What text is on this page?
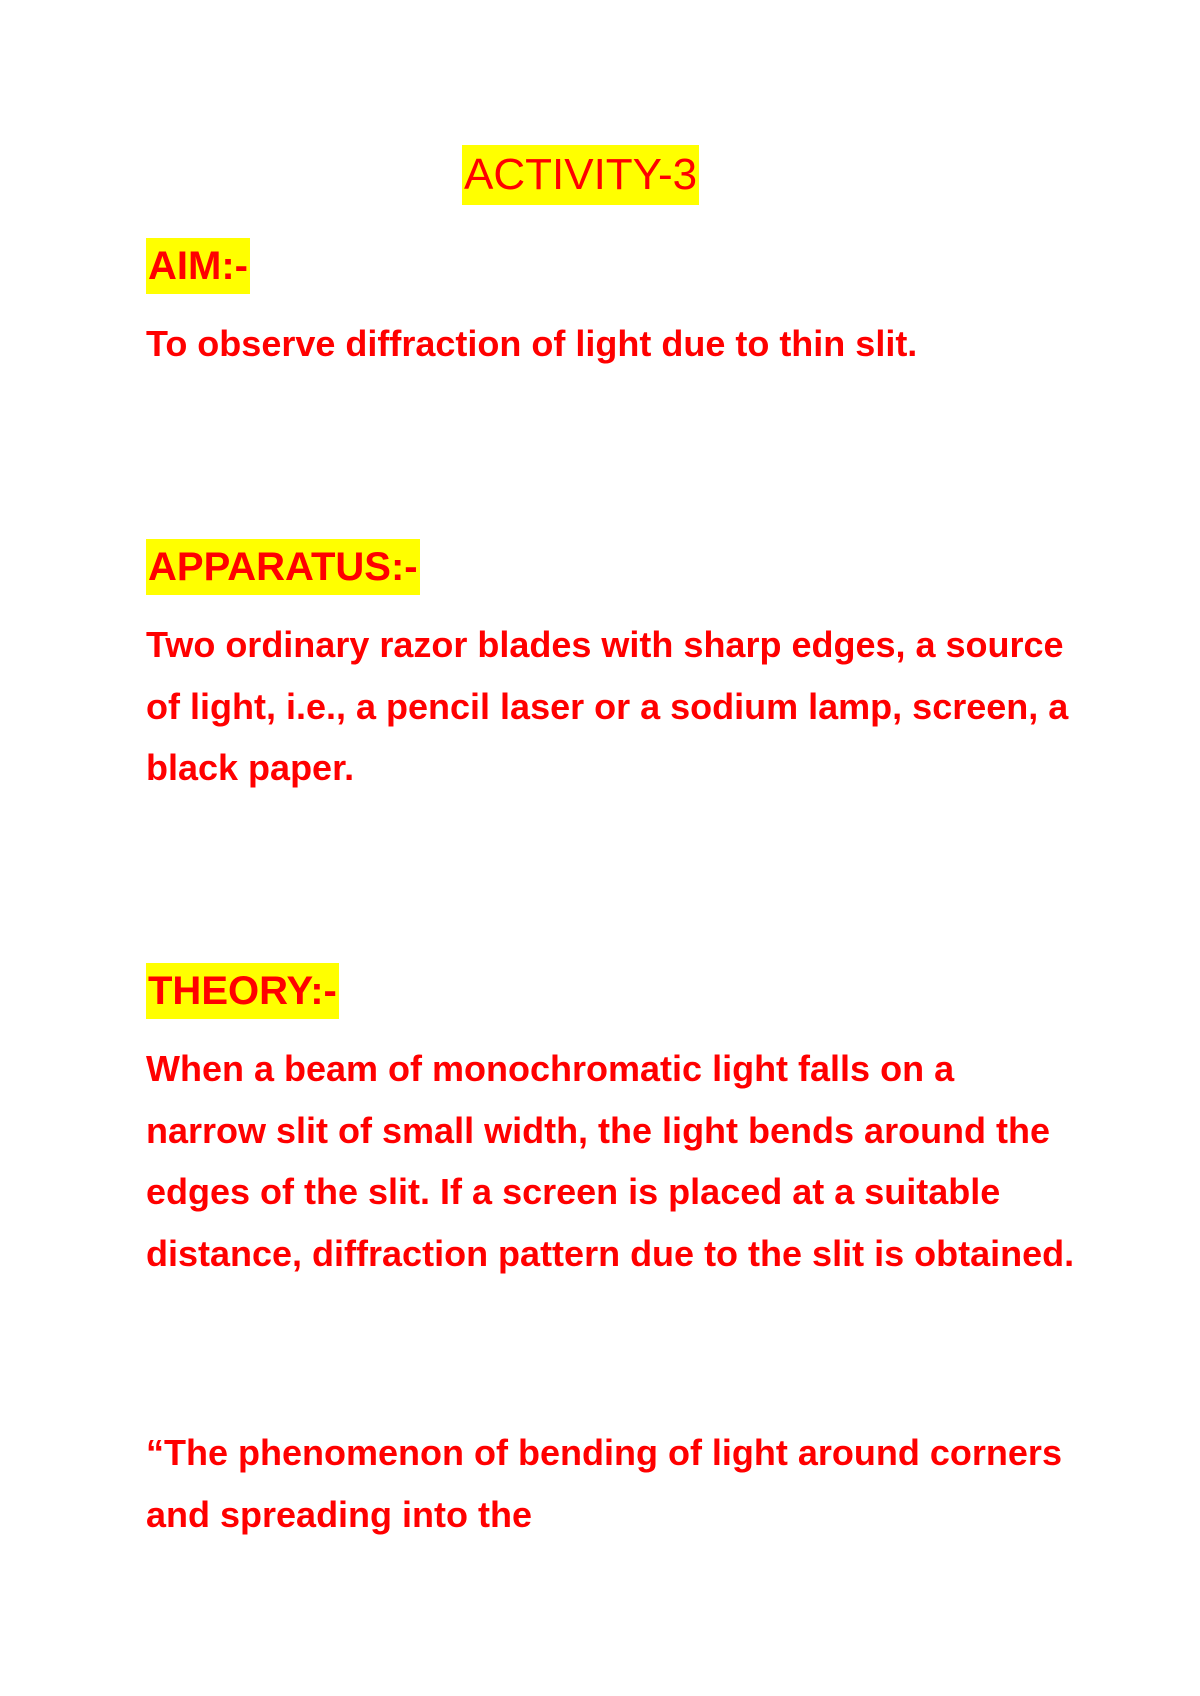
ACTIVITY-3
AIM:-

To observe diffraction of light due to thin slit.

APPARATUS:-

Two ordinary razor blades with sharp edges, a source of light, i.e., a pencil laser or a sodium lamp, screen, a black paper.

THEORY:-

When a beam of monochromatic light falls on a narrow slit of small width, the light bends around the edges of the slit. If a screen is placed at a suitable distance, diffraction pattern due to the slit is obtained.

“The phenomenon of bending of light around corners and spreading into the
